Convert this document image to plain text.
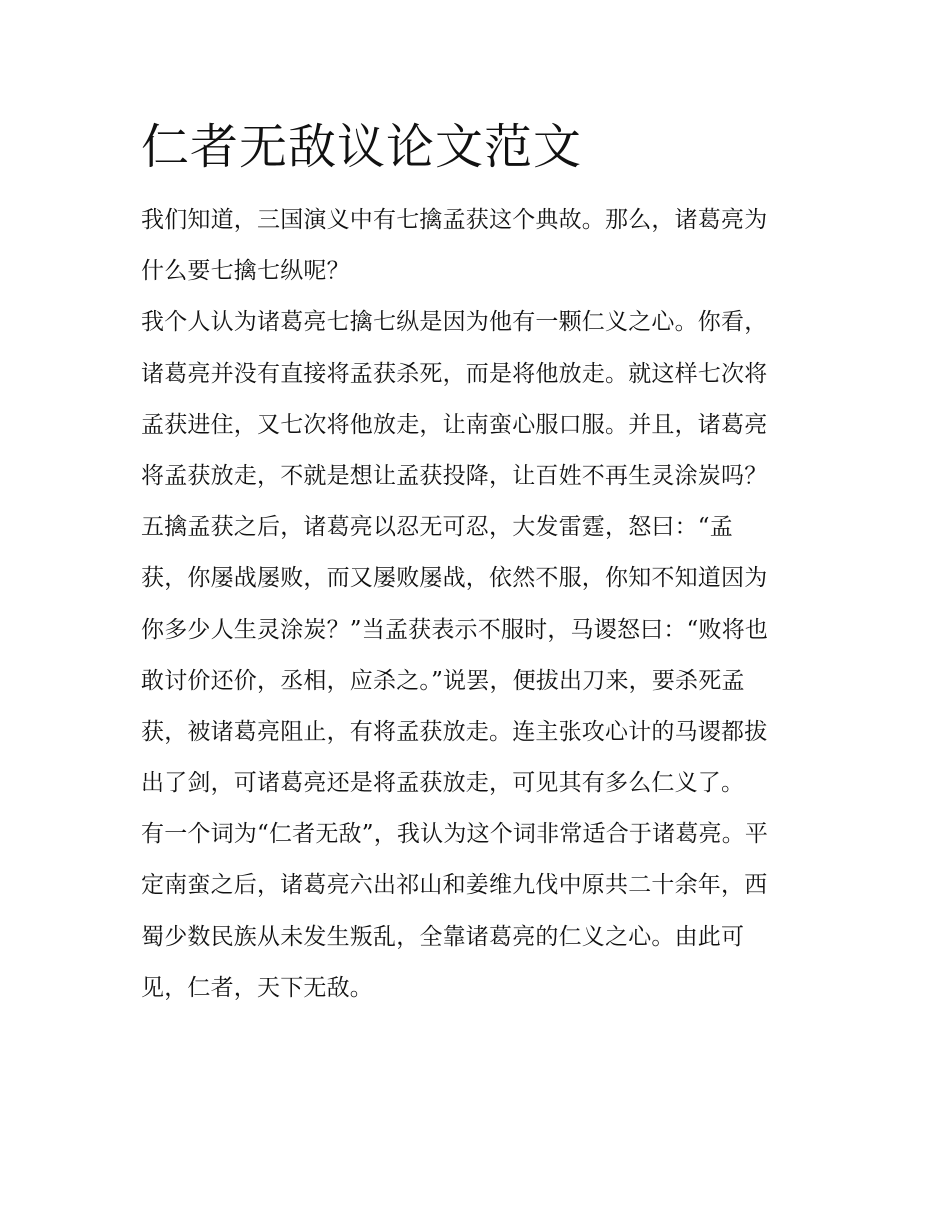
仁者无敌议论文范文
我们知道，三国演义中有七擒孟获这个典故。那么，诸葛亮为
什么要七擒七纵呢？
我个人认为诸葛亮七擒七纵是因为他有一颗仁义之心。你看，
诸葛亮并没有直接将孟获杀死，而是将他放走。就这样七次将
孟获进住，又七次将他放走，让南蛮心服口服。并且，诸葛亮
将孟获放走，不就是想让孟获投降，让百姓不再生灵涂炭吗？
五擒孟获之后，诸葛亮以忍无可忍，大发雷霆，怒曰：“孟
获，你屡战屡败，而又屡败屡战，依然不服，你知不知道因为
你多少人生灵涂炭？”当孟获表示不服时，马谡怒曰：“败将也
敢讨价还价，丞相，应杀之。”说罢，便拔出刀来，要杀死孟
获，被诸葛亮阻止，有将孟获放走。连主张攻心计的马谡都拔
出了剑，可诸葛亮还是将孟获放走，可见其有多么仁义了。
有一个词为“仁者无敌”，我认为这个词非常适合于诸葛亮。平
定南蛮之后，诸葛亮六出祁山和姜维九伐中原共二十余年，西
蜀少数民族从未发生叛乱，全靠诸葛亮的仁义之心。由此可
见，仁者，天下无敌。
